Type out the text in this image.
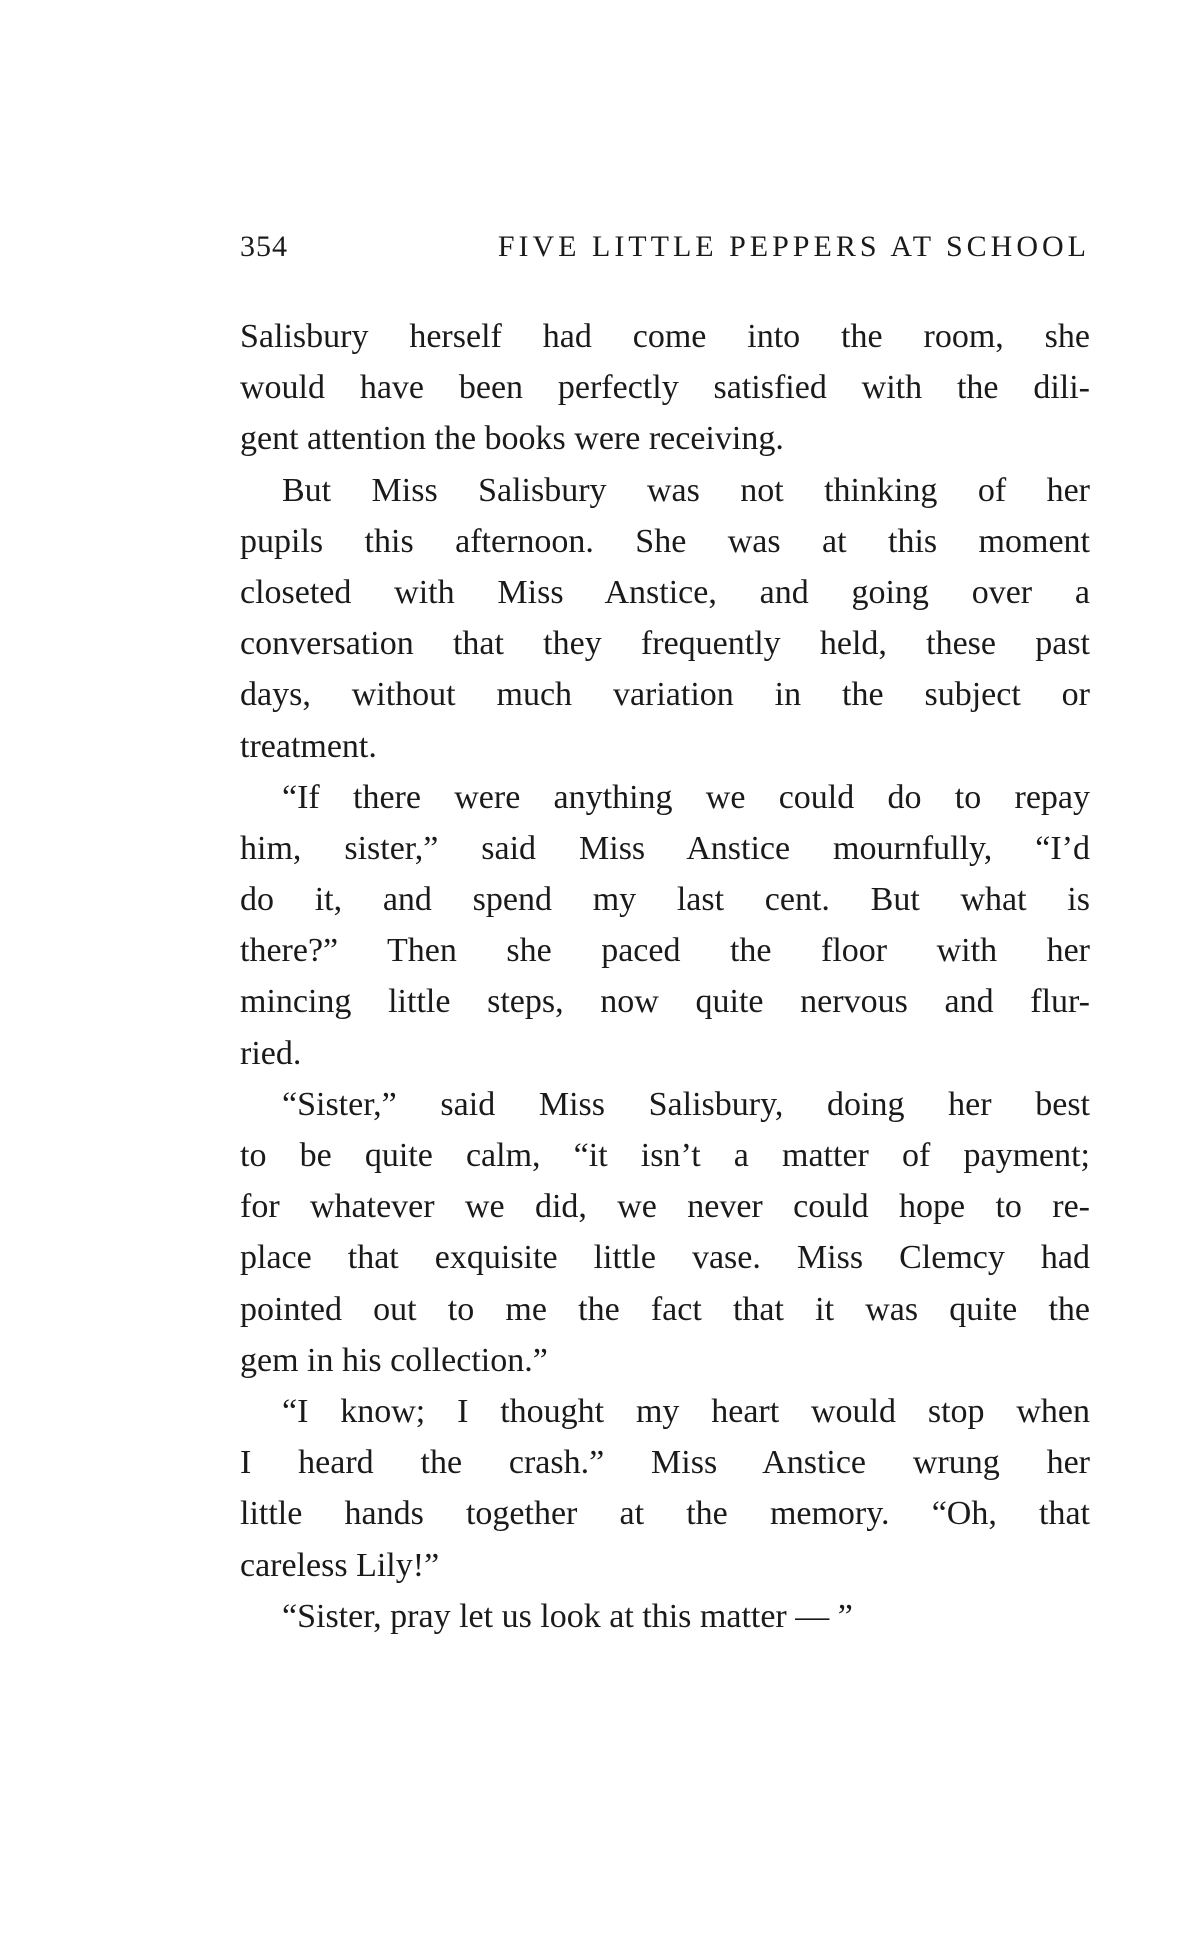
354	FIVE LITTLE PEPPERS AT SCHOOL
Salisbury herself had come into the room, she
would have been perfectly satisfied with the dili-
gent attention the books were receiving.
But Miss Salisbury was not thinking of her
pupils this afternoon. She was at this moment
closeted with Miss Anstice, and going over a
conversation that they frequently held, these past
days, without much variation in the subject or
treatment.
“If there were anything we could do to repay
him, sister,” said Miss Anstice mournfully, “I’d
do it, and spend my last cent. But what is
there?” Then she paced the floor with her
mincing little steps, now quite nervous and flur-
ried.
“Sister,” said Miss Salisbury, doing her best
to be quite calm, “it isn’t a matter of payment;
for whatever we did, we never could hope to re-
place that exquisite little vase. Miss Clemcy had
pointed out to me the fact that it was quite the
gem in his collection.”
“I know; I thought my heart would stop when
I heard the crash.” Miss Anstice wrung her
little hands together at the memory. “Oh, that
careless Lily!”
“Sister, pray let us look at this matter — ”
